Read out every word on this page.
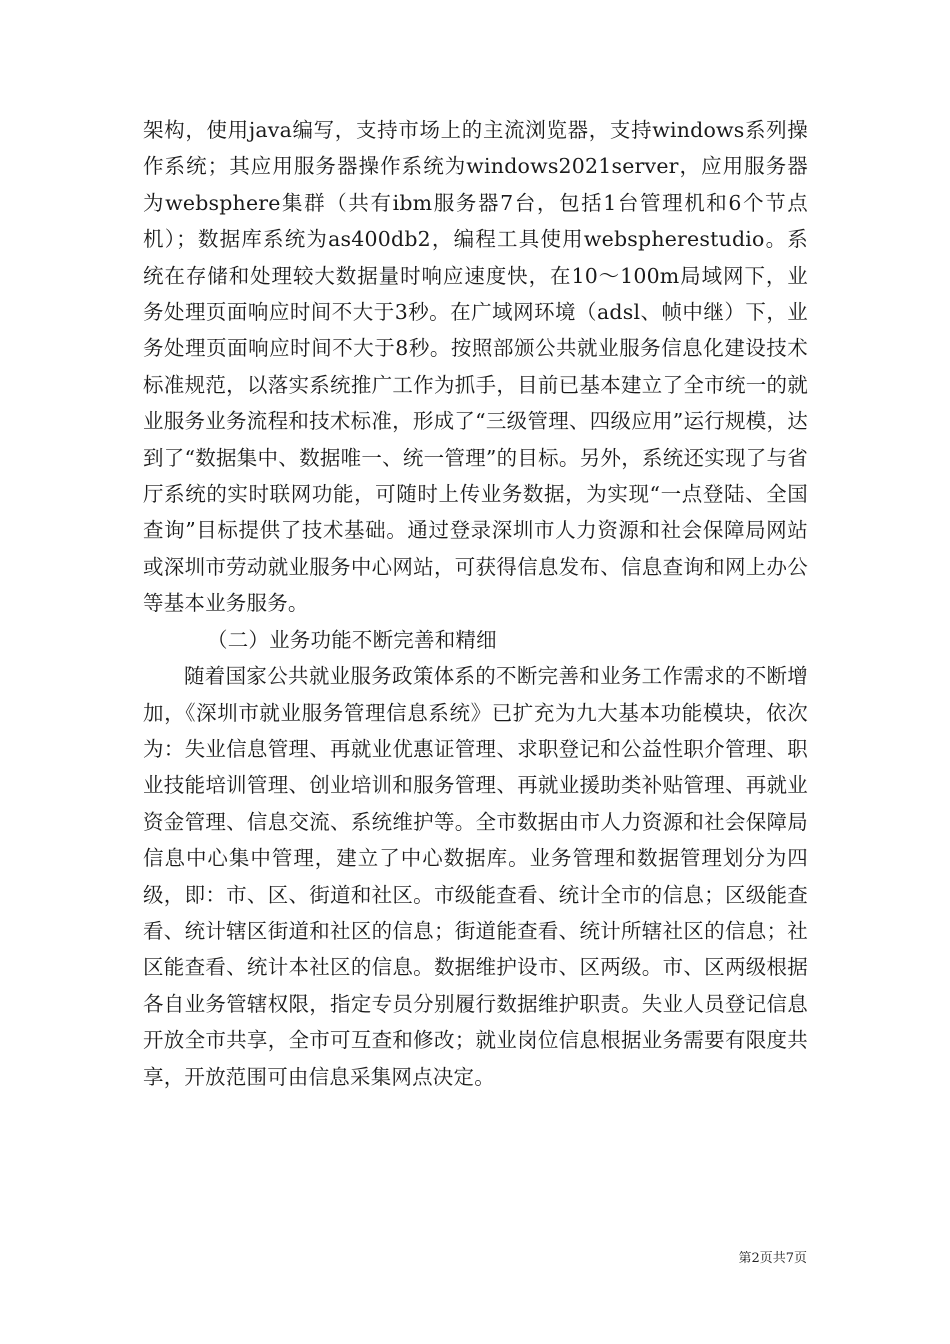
架构，使用java编写，支持市场上的主流浏览器，支持windows系列操作系统；其应用服务器操作系统为windows2021server，应用服务器为websphere集群（共有ibm服务器7台，包括1台管理机和6个节点机）；数据库系统为as400db2，编程工具使用webspherestudio。系统在存储和处理较大数据量时响应速度快，在10～100m局域网下，业务处理页面响应时间不大于3秒。在广域网环境（adsl、帧中继）下，业务处理页面响应时间不大于8秒。按照部颁公共就业服务信息化建设技术标准规范，以落实系统推广工作为抓手，目前已基本建立了全市统一的就业服务业务流程和技术标准，形成了“三级管理、四级应用”运行规模，达到了“数据集中、数据唯一、统一管理”的目标。另外，系统还实现了与省厅系统的实时联网功能，可随时上传业务数据，为实现“一点登陆、全国查询”目标提供了技术基础。通过登录深圳市人力资源和社会保障局网站或深圳市劳动就业服务中心网站，可获得信息发布、信息查询和网上办公等基本业务服务。

（二）业务功能不断完善和精细

随着国家公共就业服务政策体系的不断完善和业务工作需求的不断增加，《深圳市就业服务管理信息系统》已扩充为九大基本功能模块，依次为：失业信息管理、再就业优惠证管理、求职登记和公益性职介管理、职业技能培训管理、创业培训和服务管理、再就业援助类补贴管理、再就业资金管理、信息交流、系统维护等。全市数据由市人力资源和社会保障局信息中心集中管理，建立了中心数据库。业务管理和数据管理划分为四级，即：市、区、街道和社区。市级能查看、统计全市的信息；区级能查看、统计辖区街道和社区的信息；街道能查看、统计所辖社区的信息；社区能查看、统计本社区的信息。数据维护设市、区两级。市、区两级根据各自业务管辖权限，指定专员分别履行数据维护职责。失业人员登记信息开放全市共享，全市可互查和修改；就业岗位信息根据业务需要有限度共享，开放范围可由信息采集网点决定。

第2页共7页
